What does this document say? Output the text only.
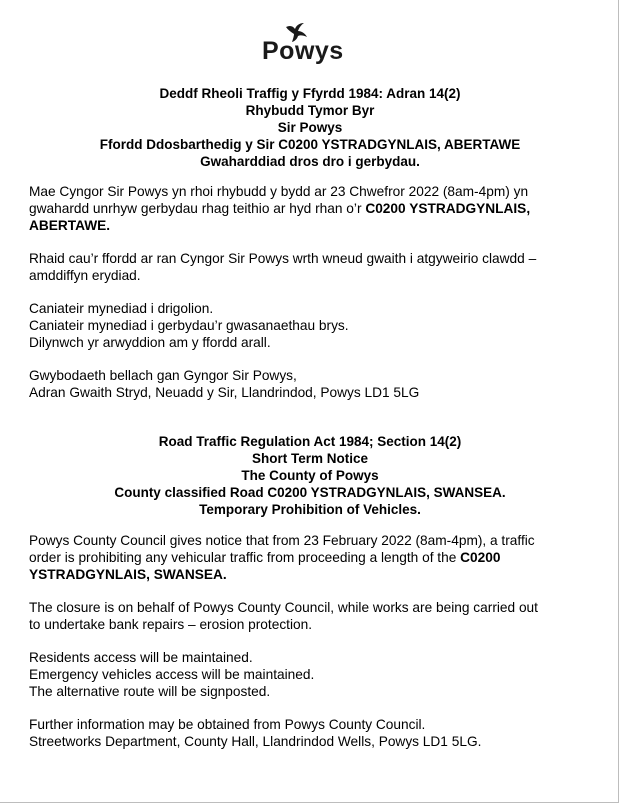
Powys
Deddf Rheoli Traffig y Ffyrdd 1984: Adran 14(2)
Rhybudd Tymor Byr
Sir Powys
Ffordd Ddosbarthedig y Sir C0200 YSTRADGYNLAIS, ABERTAWE
Gwaharddiad dros dro i gerbydau.
Mae Cyngor Sir Powys yn rhoi rhybudd y bydd ar 23 Chwefror 2022 (8am-4pm) yn
gwahardd unrhyw gerbydau rhag teithio ar hyd rhan o’r C0200 YSTRADGYNLAIS,
ABERTAWE.
Rhaid cau’r ffordd ar ran Cyngor Sir Powys wrth wneud gwaith i atgyweirio clawdd –
amddiffyn erydiad.
Caniateir mynediad i drigolion.
Caniateir mynediad i gerbydau’r gwasanaethau brys.
Dilynwch yr arwyddion am y ffordd arall.
Gwybodaeth bellach gan Gyngor Sir Powys,
Adran Gwaith Stryd, Neuadd y Sir, Llandrindod, Powys LD1 5LG
Road Traffic Regulation Act 1984; Section 14(2)
Short Term Notice
The County of Powys
County classified Road C0200 YSTRADGYNLAIS, SWANSEA.
Temporary Prohibition of Vehicles.
Powys County Council gives notice that from 23 February 2022 (8am-4pm), a traffic
order is prohibiting any vehicular traffic from proceeding a length of the C0200
YSTRADGYNLAIS, SWANSEA.
The closure is on behalf of Powys County Council, while works are being carried out
to undertake bank repairs – erosion protection.
Residents access will be maintained.
Emergency vehicles access will be maintained.
The alternative route will be signposted.
Further information may be obtained from Powys County Council.
Streetworks Department, County Hall, Llandrindod Wells, Powys LD1 5LG.
